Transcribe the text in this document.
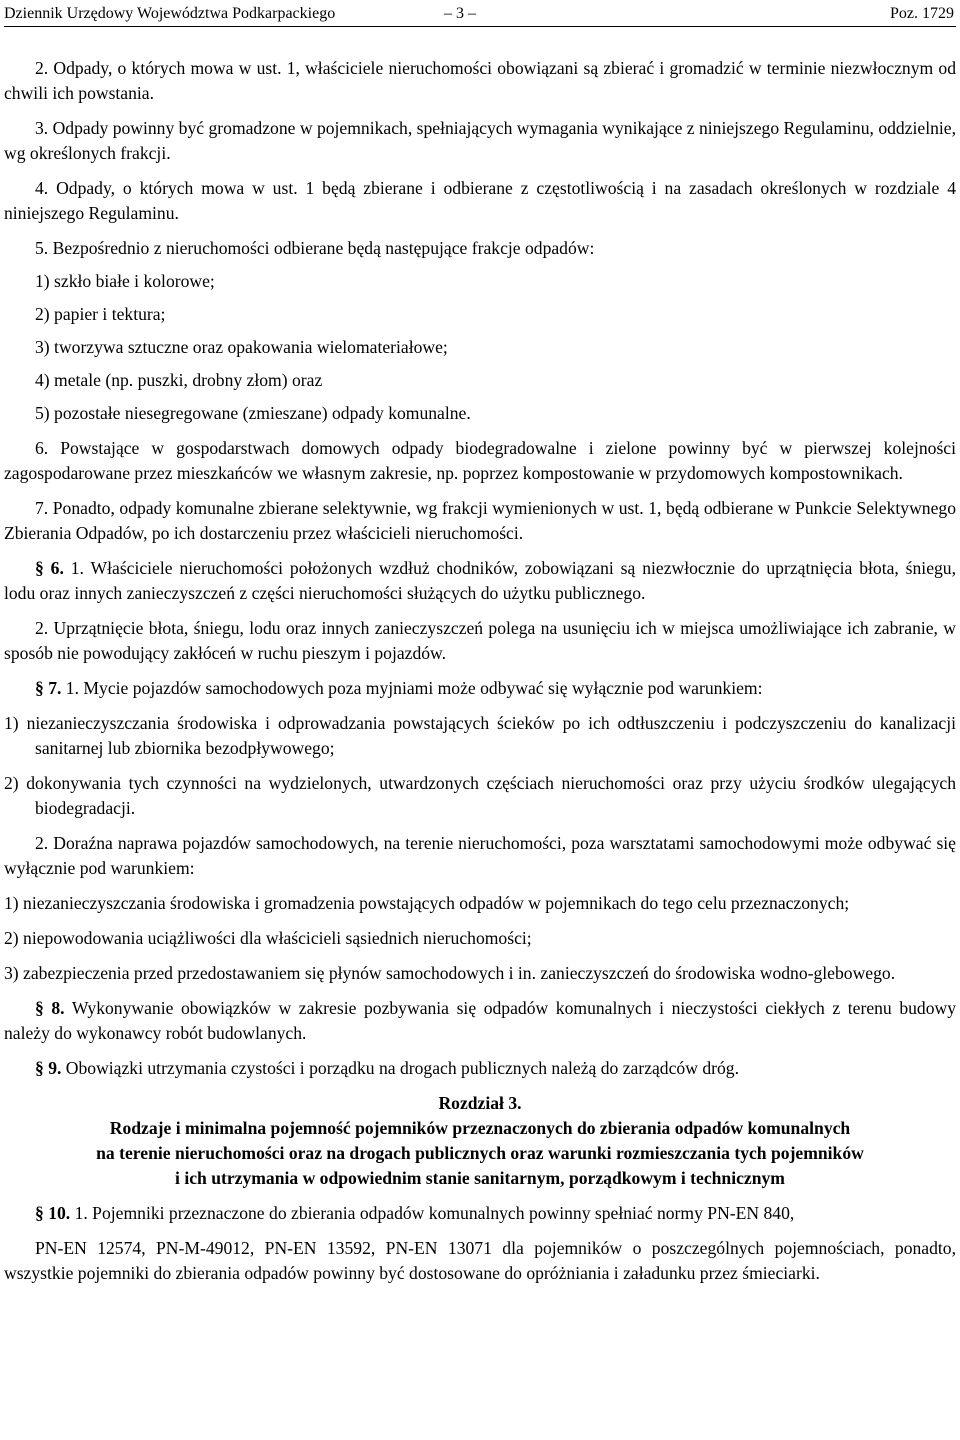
Dziennik Urzędowy Województwa Podkarpackiego	– 3 –	Poz. 1729

2. Odpady, o których mowa w ust. 1, właściciele nieruchomości obowiązani są zbierać i gromadzić w terminie niezwłocznym od chwili ich powstania.

3. Odpady powinny być gromadzone w pojemnikach, spełniających wymagania wynikające z niniejszego Regulaminu, oddzielnie, wg określonych frakcji.

4. Odpady, o których mowa w ust. 1 będą zbierane i odbierane z częstotliwością i na zasadach określonych w rozdziale 4 niniejszego Regulaminu.

5. Bezpośrednio z nieruchomości odbierane będą następujące frakcje odpadów:

1) szkło białe i kolorowe;

2) papier i tektura;

3) tworzywa sztuczne oraz opakowania wielomateriałowe;

4) metale (np. puszki, drobny złom) oraz

5) pozostałe niesegregowane (zmieszane) odpady komunalne.

6. Powstające w gospodarstwach domowych odpady biodegradowalne i zielone powinny być w pierwszej kolejności zagospodarowane przez mieszkańców we własnym zakresie, np. poprzez kompostowanie w przydomowych kompostownikach.

7. Ponadto, odpady komunalne zbierane selektywnie, wg frakcji wymienionych w ust. 1, będą odbierane w Punkcie Selektywnego Zbierania Odpadów, po ich dostarczeniu przez właścicieli nieruchomości.

§ 6. 1. Właściciele nieruchomości położonych wzdłuż chodników, zobowiązani są niezwłocznie do uprzątnięcia błota, śniegu, lodu oraz innych zanieczyszczeń z części nieruchomości służących do użytku publicznego.

2. Uprzątnięcie błota, śniegu, lodu oraz innych zanieczyszczeń polega na usunięciu ich w miejsca umożliwiające ich zabranie, w sposób nie powodujący zakłóceń w ruchu pieszym i pojazdów.

§ 7. 1. Mycie pojazdów samochodowych poza myjniami może odbywać się wyłącznie pod warunkiem:

1) niezanieczyszczania środowiska i odprowadzania powstających ścieków po ich odtłuszczeniu i podczyszczeniu do kanalizacji sanitarnej lub zbiornika bezodpływowego;

2) dokonywania tych czynności na wydzielonych, utwardzonych częściach nieruchomości oraz przy użyciu środków ulegających biodegradacji.

2. Doraźna naprawa pojazdów samochodowych, na terenie nieruchomości, poza warsztatami samochodowymi może odbywać się wyłącznie pod warunkiem:

1) niezanieczyszczania środowiska i gromadzenia powstających odpadów w pojemnikach do tego celu przeznaczonych;

2) niepowodowania uciążliwości dla właścicieli sąsiednich nieruchomości;

3) zabezpieczenia przed przedostawaniem się płynów samochodowych i in. zanieczyszczeń do środowiska wodno-glebowego.

§ 8. Wykonywanie obowiązków w zakresie pozbywania się odpadów komunalnych i nieczystości ciekłych z terenu budowy należy do wykonawcy robót budowlanych.

§ 9. Obowiązki utrzymania czystości i porządku na drogach publicznych należą do zarządców dróg.

Rozdział 3.
Rodzaje i minimalna pojemność pojemników przeznaczonych do zbierania odpadów komunalnych
na terenie nieruchomości oraz na drogach publicznych oraz warunki rozmieszczania tych pojemników
i ich utrzymania w odpowiednim stanie sanitarnym, porządkowym i technicznym

§ 10. 1. Pojemniki przeznaczone do zbierania odpadów komunalnych powinny spełniać normy PN-EN 840,

PN-EN 12574, PN-M-49012, PN-EN 13592, PN-EN 13071 dla pojemników o poszczególnych pojemnościach, ponadto, wszystkie pojemniki do zbierania odpadów powinny być dostosowane do opróżniania i załadunku przez śmieciarki.
